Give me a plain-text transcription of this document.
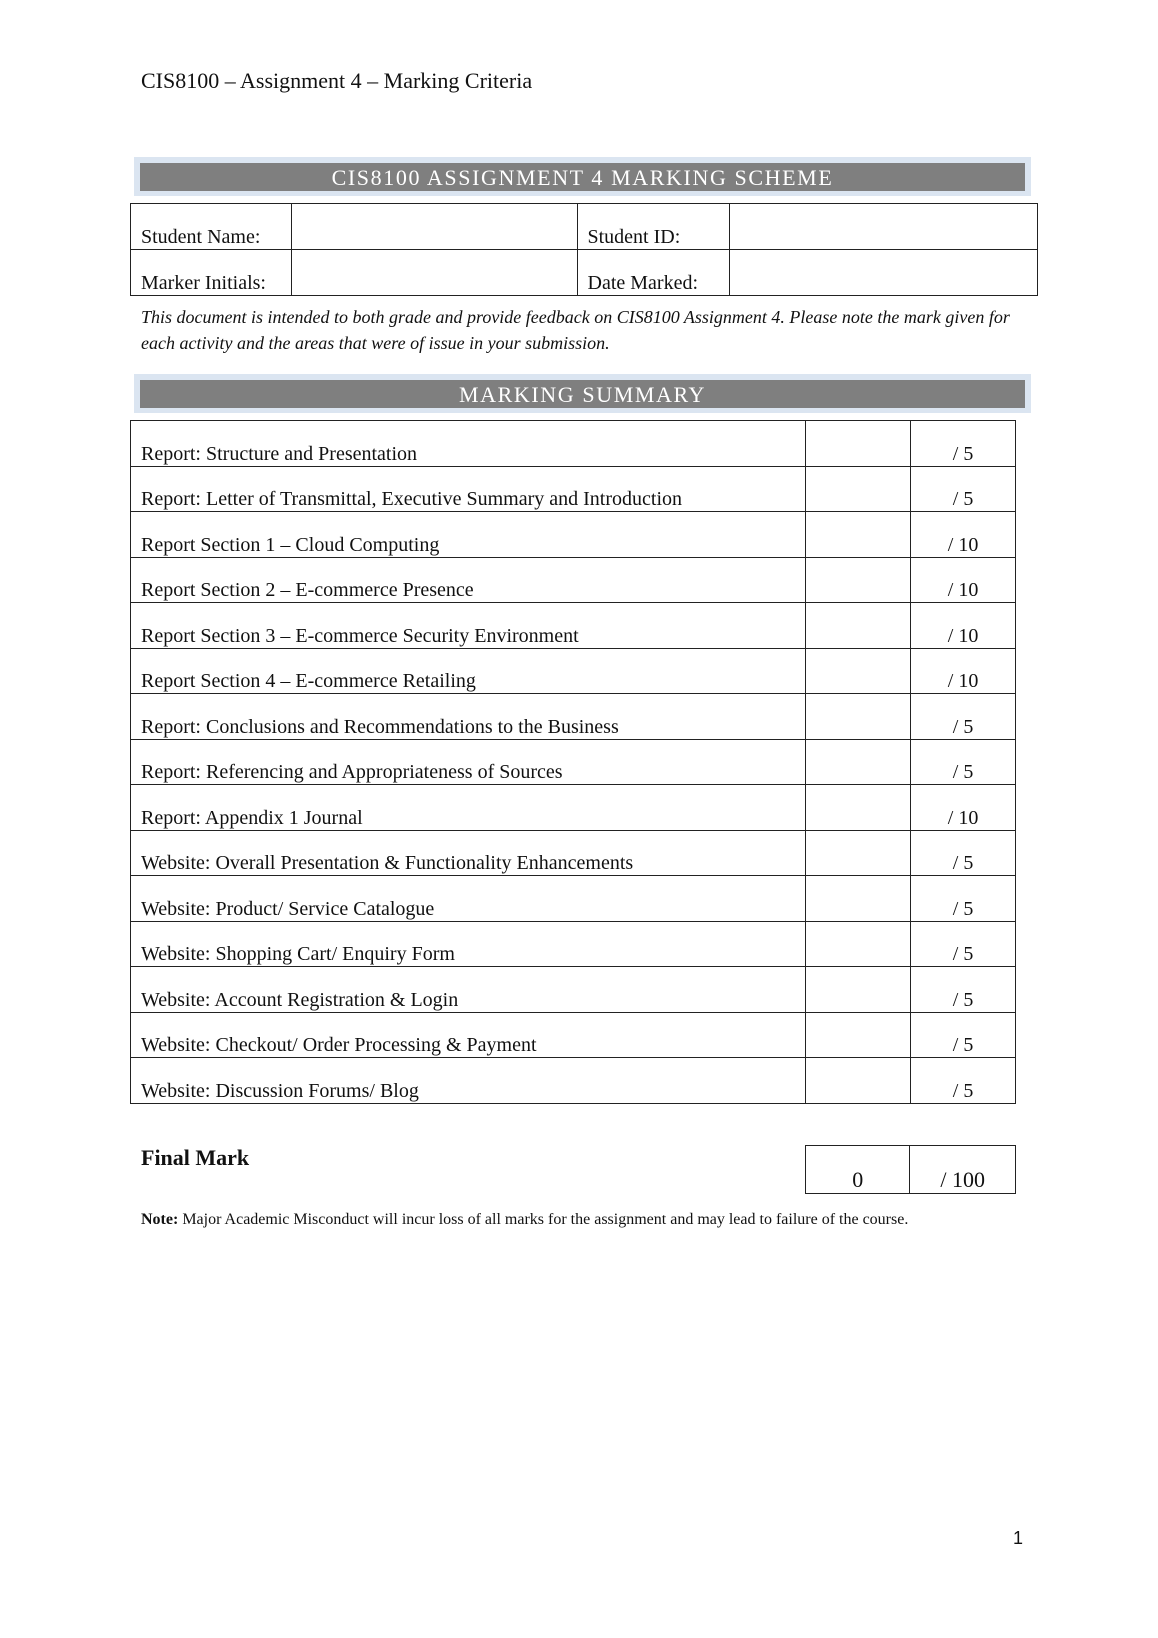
CIS8100 – Assignment 4 – Marking Criteria

CIS8100 ASSIGNMENT 4 MARKING SCHEME
Student Name:		Student ID:	
Marker Initials:		Date Marked:	

This document is intended to both grade and provide feedback on CIS8100 Assignment 4. Please note the mark given for each activity and the areas that were of issue in your submission.

MARKING SUMMARY
Report: Structure and Presentation		/ 5
Report: Letter of Transmittal, Executive Summary and Introduction		/ 5
Report Section 1 – Cloud Computing		/ 10
Report Section 2 – E-commerce Presence		/ 10
Report Section 3 – E-commerce Security Environment		/ 10
Report Section 4 – E-commerce Retailing		/ 10
Report: Conclusions and Recommendations to the Business		/ 5
Report: Referencing and Appropriateness of Sources		/ 5
Report: Appendix 1 Journal		/ 10
Website: Overall Presentation & Functionality Enhancements		/ 5
Website: Product/ Service Catalogue		/ 5
Website: Shopping Cart/ Enquiry Form		/ 5
Website: Account Registration & Login		/ 5
Website: Checkout/ Order Processing & Payment		/ 5
Website: Discussion Forums/ Blog		/ 5

Final Mark

0	/ 100

Note: Major Academic Misconduct will incur loss of all marks for the assignment and may lead to failure of the course.

1
